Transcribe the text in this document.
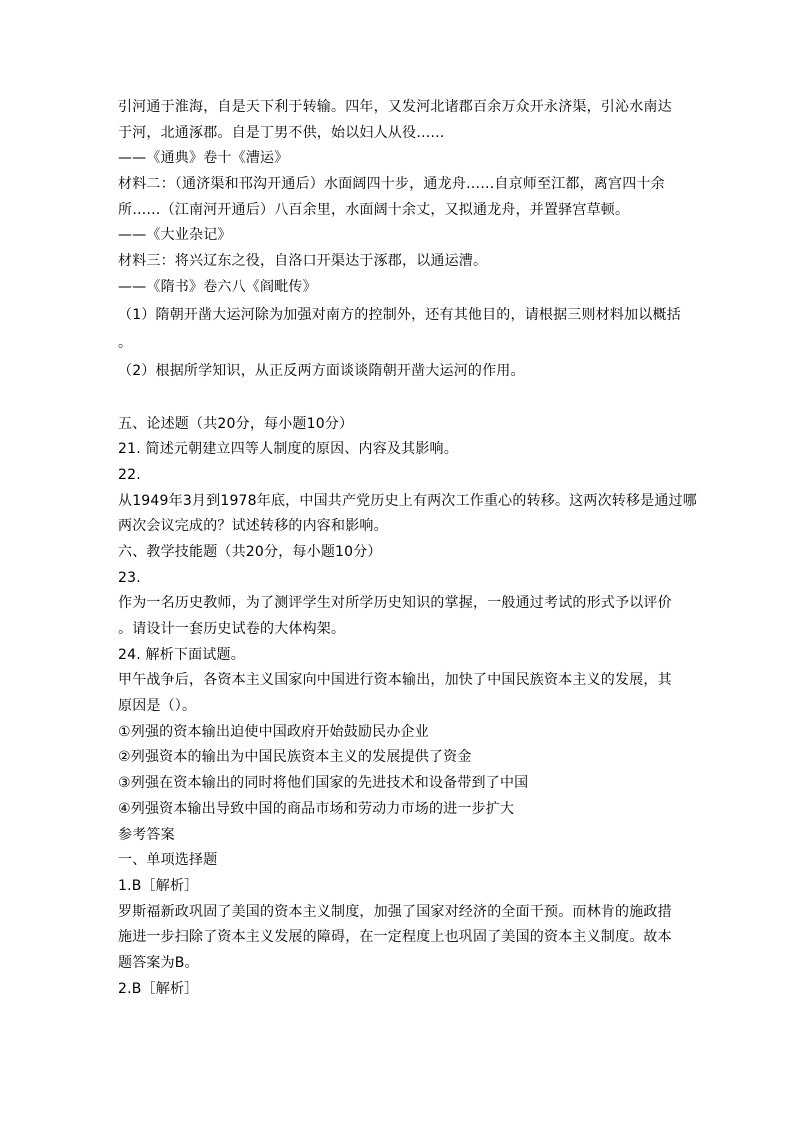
引河通于淮海，自是天下利于转输。四年，又发河北诸郡百余万众开永济渠，引沁水南达
于河，北通涿郡。自是丁男不供，始以妇人从役……
——《通典》卷十《漕运》
材料二：（通济渠和邗沟开通后）水面阔四十步，通龙舟……自京师至江都，离宫四十余
所……（江南河开通后）八百余里，水面阔十余丈，又拟通龙舟，并置驿宫草顿。
——《大业杂记》
材料三：将兴辽东之役，自洛口开渠达于涿郡，以通运漕。
——《隋书》卷六八《阎毗传》
（1）隋朝开凿大运河除为加强对南方的控制外，还有其他目的，请根据三则材料加以概括
。
（2）根据所学知识，从正反两方面谈谈隋朝开凿大运河的作用。
五、论述题（共20分，每小题10分）
21. 简述元朝建立四等人制度的原因、内容及其影响。
22.
从1949年3月到1978年底，中国共产党历史上有两次工作重心的转移。这两次转移是通过哪
两次会议完成的？试述转移的内容和影响。
六、教学技能题（共20分，每小题10分）
23.
作为一名历史教师，为了测评学生对所学历史知识的掌握，一般通过考试的形式予以评价
。请设计一套历史试卷的大体构架。
24. 解析下面试题。
甲午战争后，各资本主义国家向中国进行资本输出，加快了中国民族资本主义的发展，其
原因是（）。
①列强的资本输出迫使中国政府开始鼓励民办企业
②列强资本的输出为中国民族资本主义的发展提供了资金
③列强在资本输出的同时将他们国家的先进技术和设备带到了中国
④列强资本输出导致中国的商品市场和劳动力市场的进一步扩大
参考答案
一、单项选择题
1.B［解析］
罗斯福新政巩固了美国的资本主义制度，加强了国家对经济的全面干预。而林肯的施政措
施进一步扫除了资本主义发展的障碍，在一定程度上也巩固了美国的资本主义制度。故本
题答案为B。
2.B［解析］
